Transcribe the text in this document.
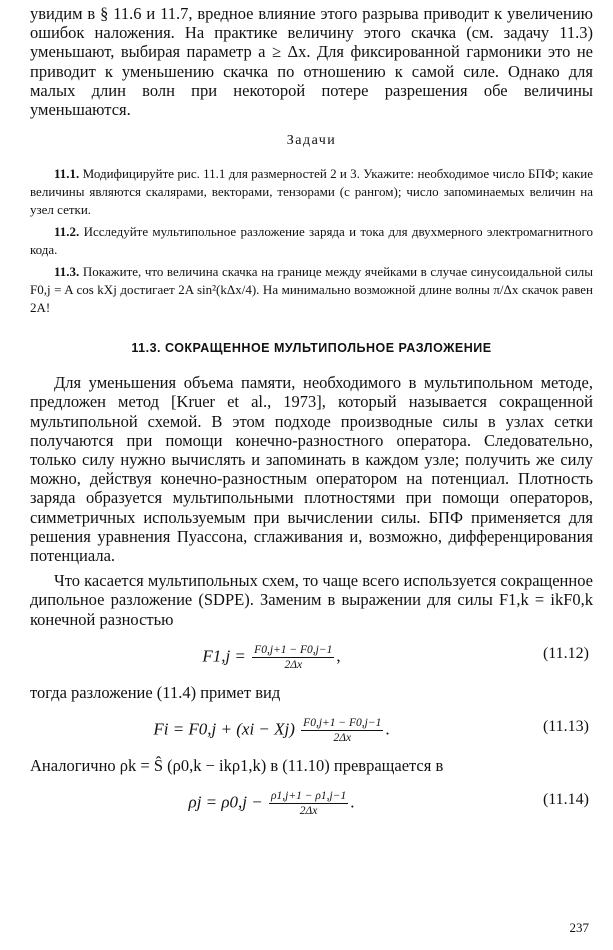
увидим в § 11.6 и 11.7, вредное влияние этого разрыва приводит к увеличению ошибок наложения. На практике величину этого скачка (см. задачу 11.3) уменьшают, выбирая параметр a ≥ Δx. Для фиксированной гармоники это не приводит к уменьшению скачка по отношению к самой силе. Однако для малых длин волн при некоторой потере разрешения обе величины уменьшаются.

Задачи

11.1. Модифицируйте рис. 11.1 для размерностей 2 и 3. Укажите: необходимое число БПФ; какие величины являются скалярами, векторами, тензорами (с рангом); число запоминаемых величин на узел сетки.

11.2. Исследуйте мультипольное разложение заряда и тока для двухмерного электромагнитного кода.

11.3. Покажите, что величина скачка на границе между ячейками в случае синусоидальной силы F0,j = A cos kXj достигает 2A sin²(kΔx/4). На минимально возможной длине волны π/Δx скачок равен 2A!

11.3. СОКРАЩЕННОЕ МУЛЬТИПОЛЬНОЕ РАЗЛОЖЕНИЕ

Для уменьшения объема памяти, необходимого в мультипольном методе, предложен метод [Kruer et al., 1973], который называется сокращенной мультипольной схемой. В этом подходе производные силы в узлах сетки получаются при помощи конечно-разностного оператора. Следовательно, только силу нужно вычислять и запоминать в каждом узле; получить же силу можно, действуя конечно-разностным оператором на потенциал. Плотность заряда образуется мультипольными плотностями при помощи операторов, симметричных используемым при вычислении силы. БПФ применяется для решения уравнения Пуассона, сглаживания и, возможно, дифференцирования потенциала.

Что касается мультипольных схем, то чаще всего используется сокращенное дипольное разложение (SDPE). Заменим в выражении для силы F1,k = ikF0,k конечной разностью

$F1,j = \frac{F0,j+1 - F0,j-1}{2\Delta x}$ ,	(11.12)

тогда разложение (11.4) примет вид

$Fi = F0,j + (xi - Xj) \frac{F0,j+1 - F0,j-1}{2\Delta x}$ .	(11.13)

Аналогично ρk = Ŝ (ρ0,k − ikρ1,k) в (11.10) превращается в

$\rho j = \rho 0,j - \frac{\rho 1,j+1 - \rho 1,j-1}{2\Delta x}$ .	(11.14)
237
